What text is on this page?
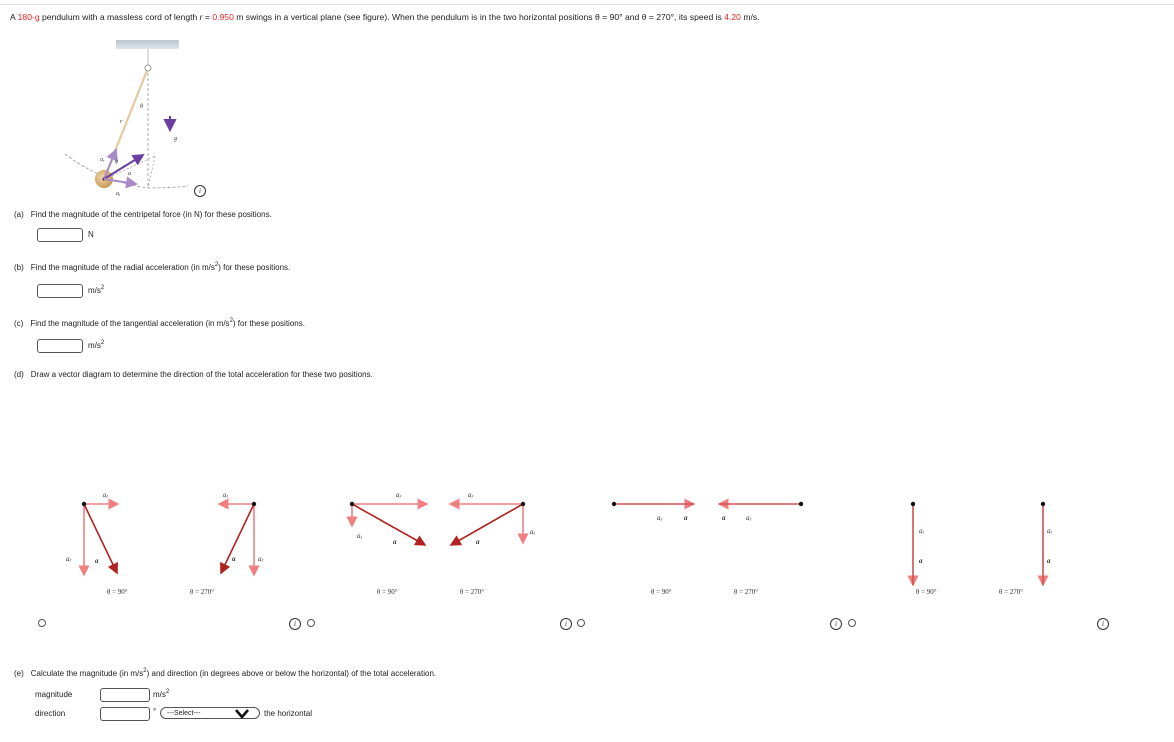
A 180-g pendulum with a massless cord of length r = 0.950 m swings in a vertical plane (see figure). When the pendulum is in the two horizontal positions θ = 90° and θ = 270°, its speed is 4.20 m/s.
r
θ
ar ϕ
a
at
g
i
(a) Find the magnitude of the centripetal force (in N) for these positions.
N
(b) Find the magnitude of the radial acceleration (in $m/s^2$) for these positions.
$m/s^2$
(c) Find the magnitude of the tangential acceleration (in $m/s^2$) for these positions.
$m/s^2$
(d) Draw a vector diagram to determine the direction of the total acceleration for these two positions.
at
ar	a
θ = 90°
at
ar
a
θ = 270°
ar
at	a
θ = 90°
ar
at
a
θ = 270°
ar	a
θ = 90°
a	ar
θ = 270°
at
a
θ = 90°
at
a
θ = 270°
i	i	i	i
(e) Calculate the magnitude (in $m/s^2$) and direction (in degrees above or below the horizontal) of the total acceleration.
magnitude	$m/s^2$
direction	°	---Select---	the horizontal
